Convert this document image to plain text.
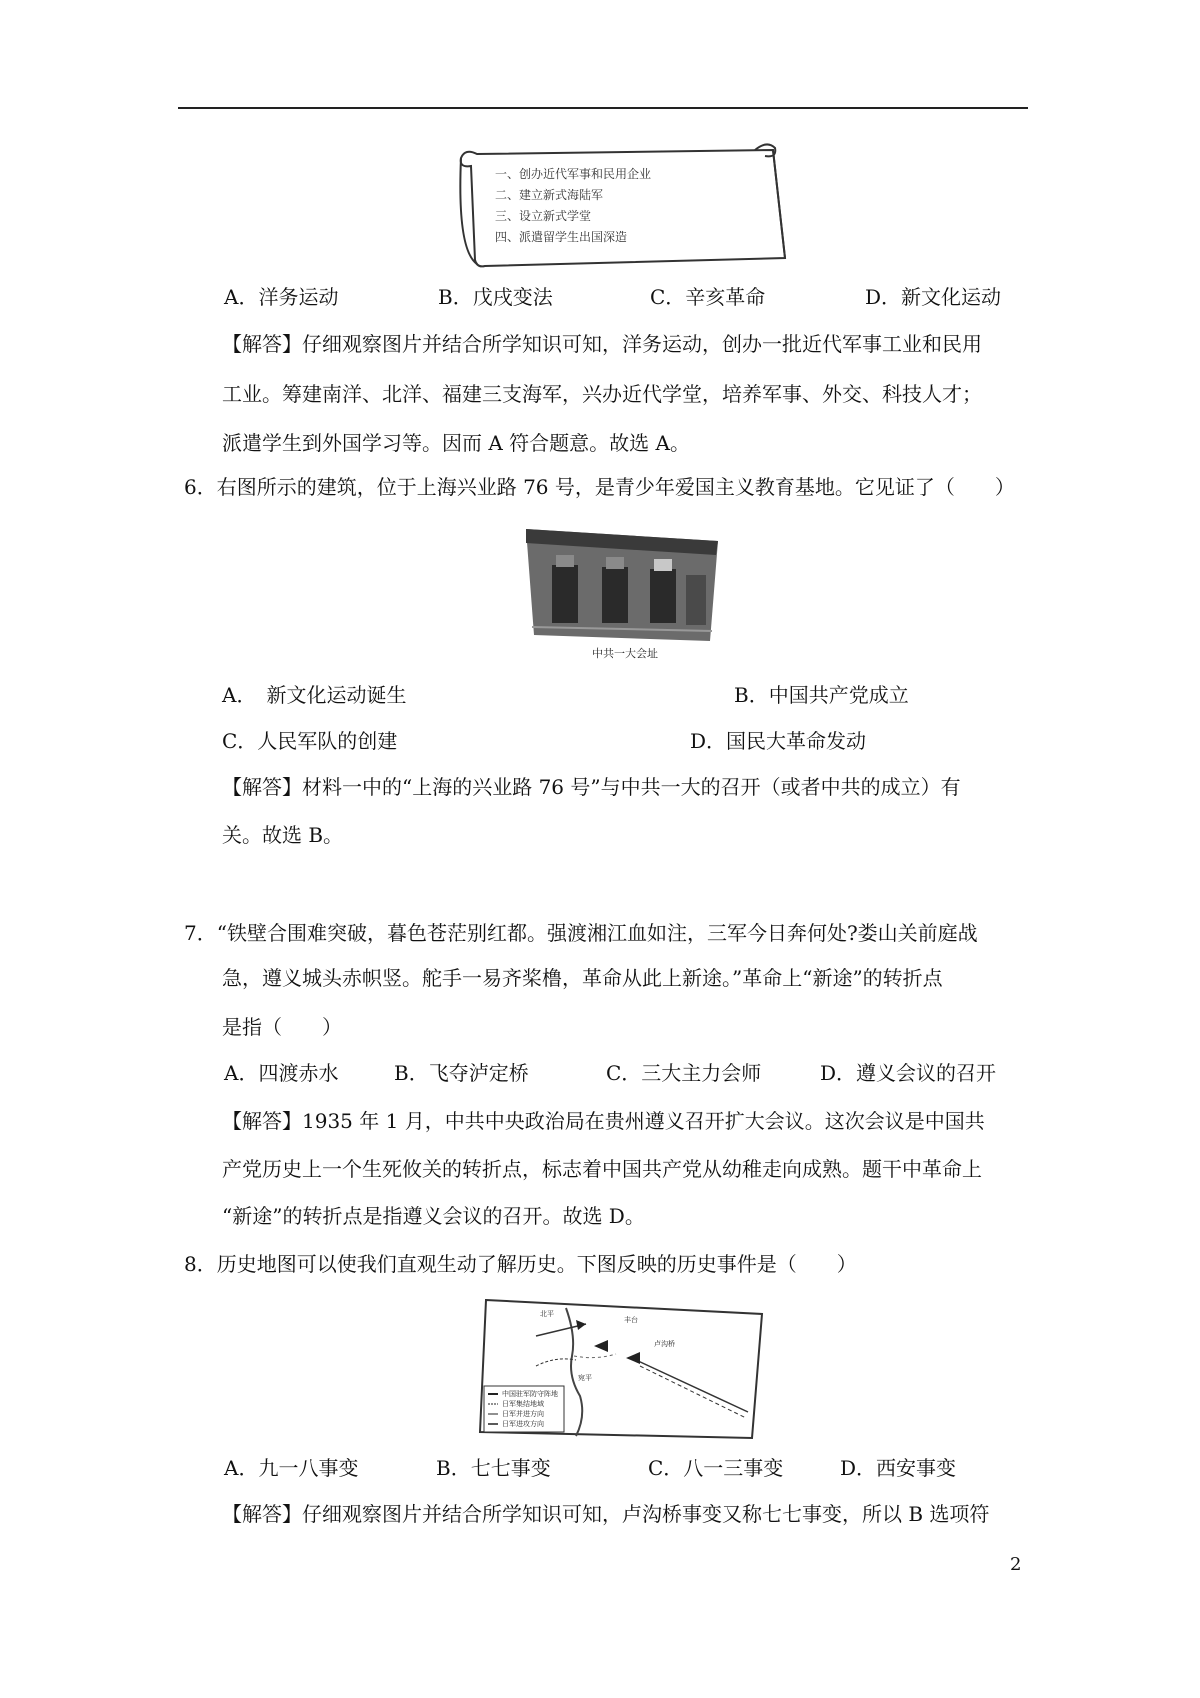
一、创办近代军事和民用企业
二、建立新式海陆军
三、设立新式学堂
四、派遣留学生出国深造
A．洋务运动	B．戊戌变法	C．辛亥革命	D．新文化运动
【解答】仔细观察图片并结合所学知识可知，洋务运动，创办一批近代军事工业和民用
工业。筹建南洋、北洋、福建三支海军，兴办近代学堂，培养军事、外交、科技人才；
派遣学生到外国学习等。因而 A 符合题意。故选 A。
6．右图所示的建筑，位于上海兴业路 76 号，是青少年爱国主义教育基地。它见证了（　　）
中共一大会址
A．　新文化运动诞生	B．中国共产党成立
C．人民军队的创建	D．国民大革命发动
【解答】材料一中的“上海的兴业路 76 号”与中共一大的召开（或者中共的成立）有
关。故选 B。
7．“铁壁合围难突破，暮色苍茫别红都。强渡湘江血如注，三军今日奔何处?娄山关前庭战
急，遵义城头赤帜竖。舵手一易齐桨橹，革命从此上新途。”革命上“新途”的转折点
是指（　　）
A．四渡赤水	B．飞夺泸定桥	C．三大主力会师	D．遵义会议的召开
【解答】1935 年 1 月，中共中央政治局在贵州遵义召开扩大会议。这次会议是中国共
产党历史上一个生死攸关的转折点，标志着中国共产党从幼稚走向成熟。题干中革命上
“新途”的转折点是指遵义会议的召开。故选 D。
8．历史地图可以使我们直观生动了解历史。下图反映的历史事件是（　　）
卢沟桥
宛平
丰台
北平
中国驻军防守阵地
日军集结地域
日军并进方向
日军进攻方向
A．九一八事变	B．七七事变	C．八一三事变	D．西安事变
【解答】仔细观察图片并结合所学知识可知，卢沟桥事变又称七七事变，所以 B 选项符
2
